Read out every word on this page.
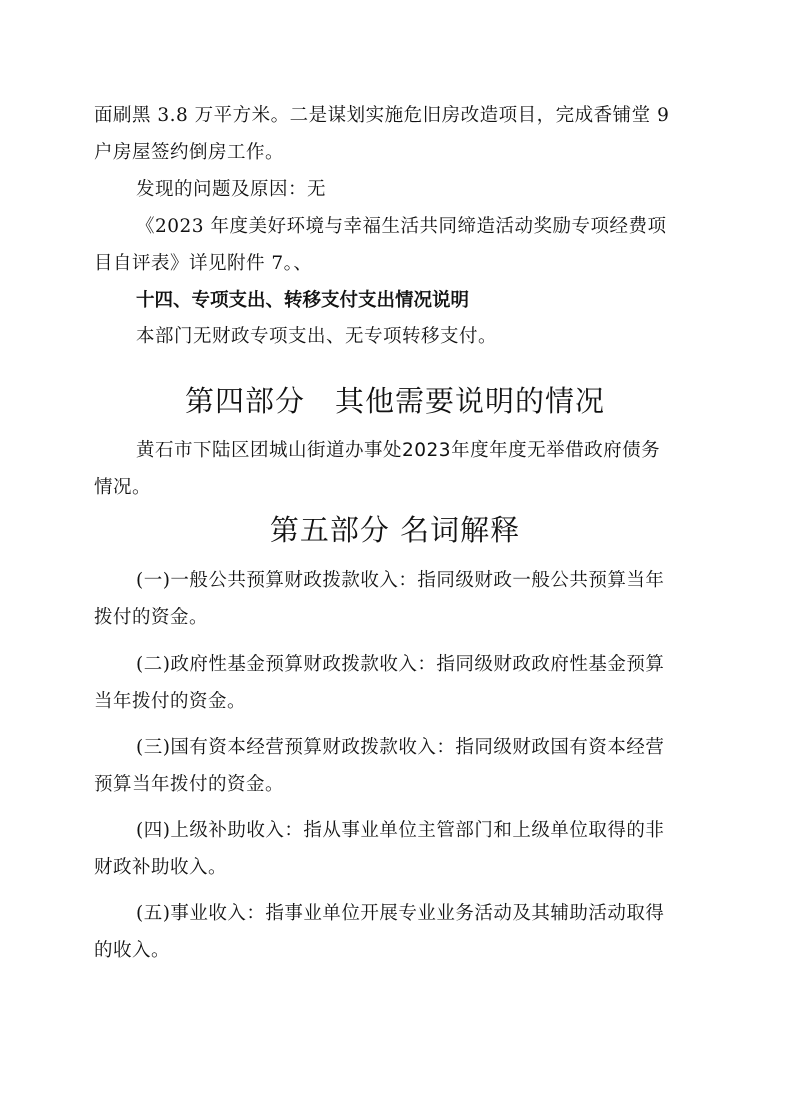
面刷黑 3.8 万平方米。二是谋划实施危旧房改造项目，完成香铺堂 9 户房屋签约倒房工作。
发现的问题及原因：无
《2023 年度美好环境与幸福生活共同缔造活动奖励专项经费项目自评表》详见附件 7。、
十四、专项支出、转移支付支出情况说明
本部门无财政专项支出、无专项转移支付。
第四部分　其他需要说明的情况
黄石市下陆区团城山街道办事处2023年度年度无举借政府债务情况。
第五部分 名词解释
(一)一般公共预算财政拨款收入：指同级财政一般公共预算当年拨付的资金。
(二)政府性基金预算财政拨款收入：指同级财政政府性基金预算当年拨付的资金。
(三)国有资本经营预算财政拨款收入：指同级财政国有资本经营预算当年拨付的资金。
(四)上级补助收入：指从事业单位主管部门和上级单位取得的非财政补助收入。
(五)事业收入：指事业单位开展专业业务活动及其辅助活动取得的收入。
